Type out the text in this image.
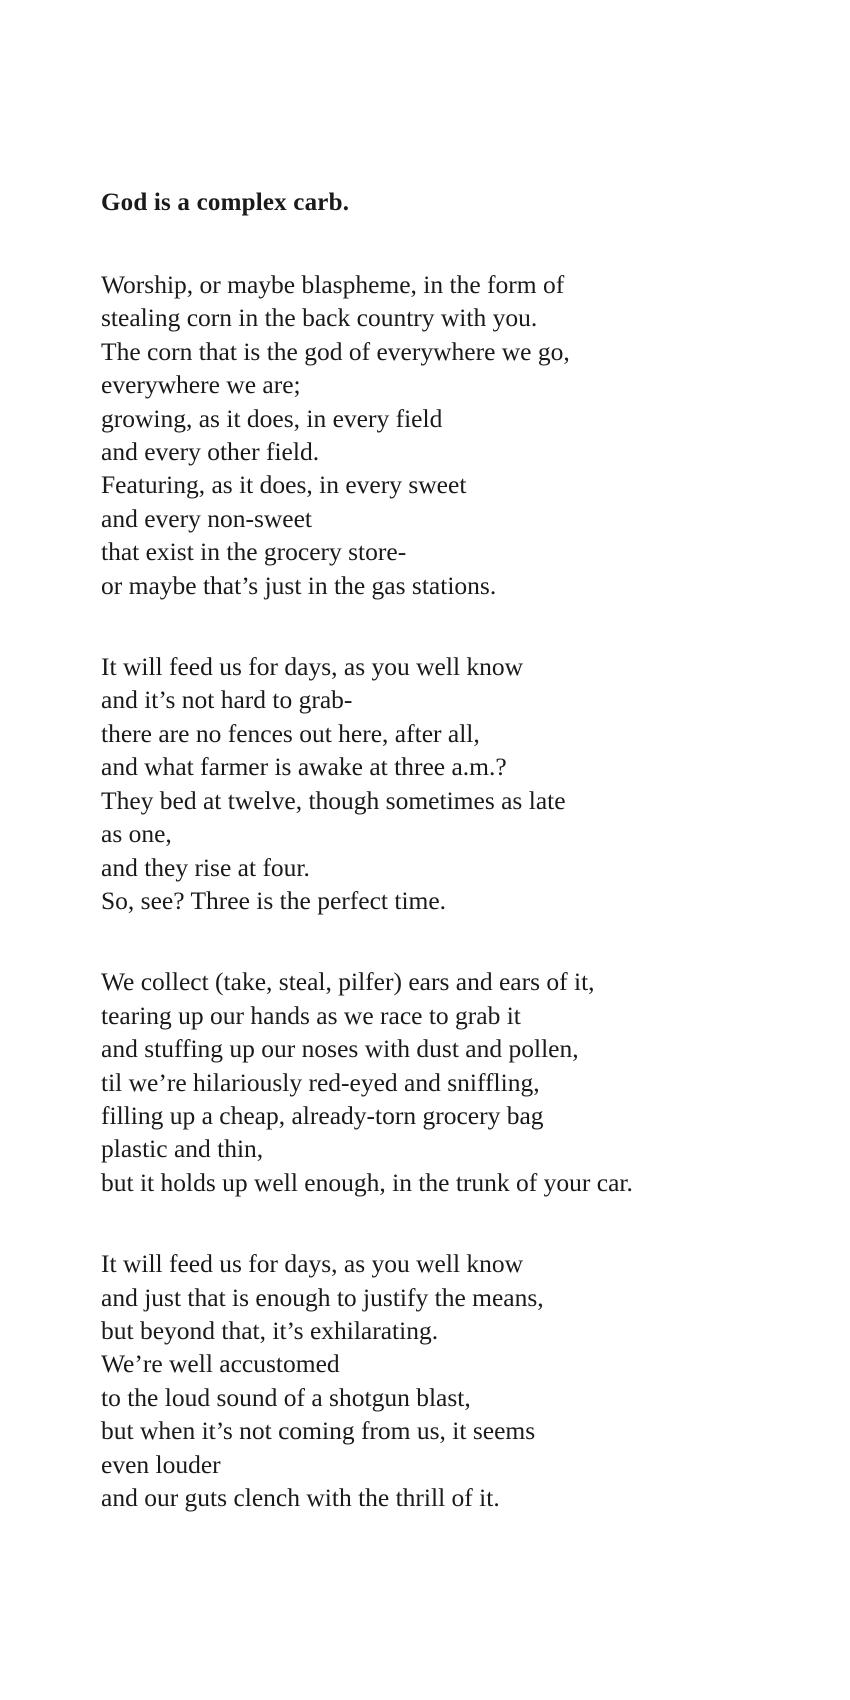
God is a complex carb.
Worship, or maybe blaspheme, in the form of
stealing corn in the back country with you.
The corn that is the god of everywhere we go,
everywhere we are;
growing, as it does, in every field
and every other field.
Featuring, as it does, in every sweet
and every non-sweet
that exist in the grocery store-
or maybe that’s just in the gas stations.
It will feed us for days, as you well know
and it’s not hard to grab-
there are no fences out here, after all,
and what farmer is awake at three a.m.?
They bed at twelve, though sometimes as late
as one,
and they rise at four.
So, see? Three is the perfect time.
We collect (take, steal, pilfer) ears and ears of it,
tearing up our hands as we race to grab it
and stuffing up our noses with dust and pollen,
til we’re hilariously red-eyed and sniffling,
filling up a cheap, already-torn grocery bag
plastic and thin,
but it holds up well enough, in the trunk of your car.
It will feed us for days, as you well know
and just that is enough to justify the means,
but beyond that, it’s exhilarating.
We’re well accustomed
to the loud sound of a shotgun blast,
but when it’s not coming from us, it seems
even louder
and our guts clench with the thrill of it.
